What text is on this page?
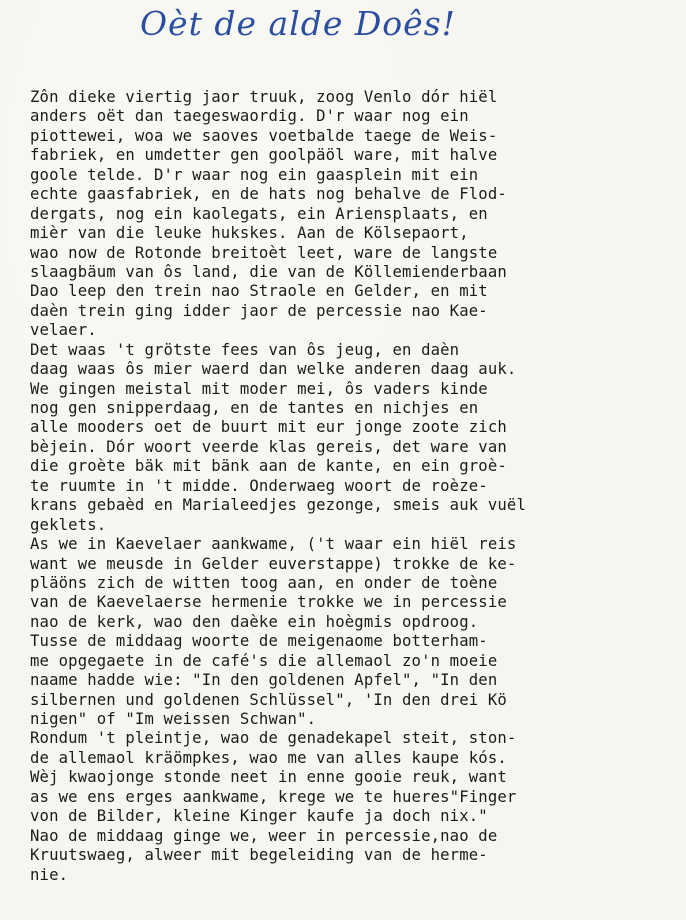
Oèt de alde Doês!
Zôn dieke viertig jaor truuk, zoog Venlo dór hiël
anders oët dan taegeswaordig. D'r waar nog ein
piottewei, woa we saoves voetbalde taege de Weis-
fabriek, en umdetter gen goolpäöl ware, mit halve
goole telde. D'r waar nog ein gaasplein mit ein
echte gaasfabriek, en de hats nog behalve de Flod-
dergats, nog ein kaolegats, ein Ariensplaats, en
mièr van die leuke hukskes. Aan de Kölsepaort,
wao now de Rotonde breitoèt leet, ware de langste
slaagbäum van ôs land, die van de Köllemienderbaan
Dao leep den trein nao Straole en Gelder, en mit
daèn trein ging idder jaor de percessie nao Kae-
velaer.
Det waas 't grötste fees van ôs jeug, en daèn
daag waas ôs mier waerd dan welke anderen daag auk.
We gingen meistal mit moder mei, ôs vaders kinde
nog gen snipperdaag, en de tantes en nichjes en
alle mooders oet de buurt mit eur jonge zoote zich
bèjein. Dór woort veerde klas gereis, det ware van
die groète bäk mit bänk aan de kante, en ein groè-
te ruumte in 't midde. Onderwaeg woort de roèze-
krans gebaèd en Marialeedjes gezonge, smeis auk vuël
geklets.
As we in Kaevelaer aankwame, ('t waar ein hiël reis
want we meusde in Gelder euverstappe) trokke de ke-
pläöns zich de witten toog aan, en onder de toène
van de Kaevelaerse hermenie trokke we in percessie
nao de kerk, wao den daèke ein hoègmis opdroog.
Tusse de middaag woorte de meigenaome botterham-
me opgegaete in de café's die allemaol zo'n moeie
naame hadde wie: "In den goldenen Apfel", "In den
silbernen und goldenen Schlüssel", 'In den drei Kö
nigen" of "Im weissen Schwan".
Rondum 't pleintje, wao de genadekapel steit, ston-
de allemaol kräömpkes, wao me van alles kaupe kós.
Wèj kwaojonge stonde neet in enne gooie reuk, want
as we ens erges aankwame, krege we te hueres"Finger
von de Bilder, kleine Kinger kaufe ja doch nix."
Nao de middaag ginge we, weer in percessie,nao de
Kruutswaeg, alweer mit begeleiding van de herme-
nie.
